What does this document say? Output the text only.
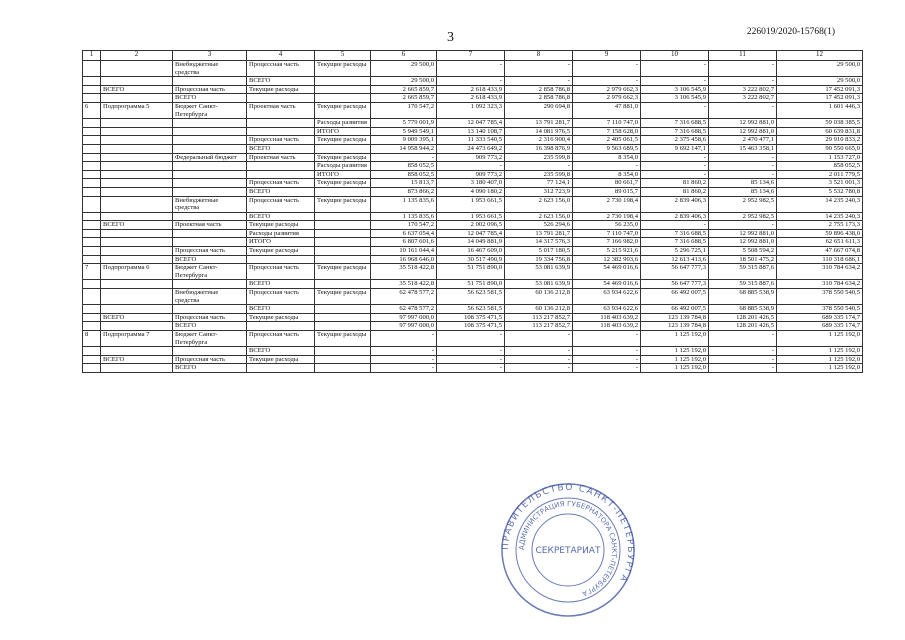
3	226019/2020-15768(1)
1	2	3	4	5	6	7	8	9	10	11	12
		Внебюджетные средства	Процессная часть	Текущие расходы	29 500,0	-	-	-	-	-	29 500,0
			ВСЕГО		29 500,0	-	-	-	-	-	29 500,0
	ВСЕГО	Процессная часть	Текущие расходы		2 665 859,7	2 618 433,9	2 858 786,8	2 979 662,3	3 106 545,9	3 222 802,7	17 452 091,3
		ВСЕГО			2 665 859,7	2 618 433,9	2 858 786,8	2 979 662,3	3 106 545,9	3 222 802,7	17 452 091,3
6	Подпрограмма 5	Бюджет Санкт-Петербурга	Проектная часть	Текущие расходы	170 547,2	1 092 323,3	290 694,8	47 881,0	-	-	1 601 446,3
				Расходы развития	5 779 001,9	12 047 785,4	13 791 281,7	7 110 747,0	7 316 688,5	12 992 881,0	59 038 385,5
				ИТОГО	5 949 549,1	13 140 108,7	14 081 976,5	7 158 628,0	7 316 688,5	12 992 881,0	60 639 831,8
			Процессная часть	Текущие расходы	9 009 395,1	11 333 540,5	2 316 900,4	2 405 061,5	2 375 458,6	2 470 477,1	29 910 833,2
			ВСЕГО		14 958 944,2	24 473 649,2	16 398 876,9	9 563 689,5	9 692 147,1	15 463 358,1	90 550 665,0
		Федеральный бюджет	Проектная часть	Текущие расходы	-	909 773,2	235 599,8	8 354,0	-	-	1 153 727,0
				Расходы развития	858 052,5	-	-	-	-	-	858 052,5
				ИТОГО	858 052,5	909 773,2	235 599,8	8 354,0	-	-	2 011 779,5
			Процессная часть	Текущие расходы	15 813,7	3 180 407,0	77 124,1	80 661,7	81 860,2	85 134,6	3 521 001,3
			ВСЕГО		873 866,2	4 090 180,2	312 723,9	89 015,7	81 860,2	85 134,6	5 532 780,8
		Внебюджетные средства	Процессная часть	Текущие расходы	1 135 835,6	1 953 661,5	2 623 156,0	2 730 198,4	2 839 406,3	2 952 982,5	14 235 240,3
			ВСЕГО		1 135 835,6	1 953 661,5	2 623 156,0	2 730 198,4	2 839 406,3	2 952 982,5	14 235 240,3
	ВСЕГО	Проектная часть	Текущие расходы		170 547,2	2 002 096,5	526 294,6	56 235,0	-	-	2 755 173,3
			Расходы развития		6 637 054,4	12 047 785,4	13 791 281,7	7 110 747,0	7 316 688,5	12 992 881,0	59 896 438,0
			ИТОГО		6 807 601,6	14 049 881,9	14 317 576,3	7 166 982,0	7 316 688,5	12 992 881,0	62 651 611,3
		Процессная часть	Текущие расходы		10 161 044,4	16 467 609,0	5 017 180,5	5 215 921,6	5 296 725,1	5 508 594,2	47 667 074,8
		ВСЕГО			16 968 646,0	30 517 490,9	19 334 756,8	12 382 903,6	12 613 413,6	18 501 475,2	110 318 686,1
7	Подпрограмма 6	Бюджет Санкт-Петербурга	Процессная часть	Текущие расходы	35 518 422,8	51 751 890,0	53 081 639,9	54 469 016,6	56 647 777,3	59 315 887,6	310 784 634,2
			ВСЕГО		35 518 422,8	51 751 890,0	53 081 639,9	54 469 016,6	56 647 777,3	59 315 887,6	310 784 634,2
		Внебюджетные средства	Процессная часть	Текущие расходы	62 478 577,2	56 623 581,5	60 136 212,8	63 934 622,6	66 492 007,5	68 885 538,9	378 550 540,5
			ВСЕГО		62 478 577,2	56 623 581,5	60 136 212,8	63 934 622,6	66 492 007,5	68 885 538,9	378 550 540,5
	ВСЕГО	Процессная часть	Текущие расходы		97 997 000,0	108 375 471,5	113 217 852,7	118 403 639,2	123 139 784,8	128 201 426,5	689 335 174,7
		ВСЕГО			97 997 000,0	108 375 471,5	113 217 852,7	118 403 639,2	123 139 784,8	128 201 426,5	689 335 174,7
8	Подпрограмма 7	Бюджет Санкт-Петербурга	Процессная часть	Текущие расходы	-	-	-	-	1 125 192,0	-	1 125 192,0
			ВСЕГО		-	-	-	-	1 125 192,0	-	1 125 192,0
	ВСЕГО	Процессная часть	Текущие расходы		-	-	-	-	1 125 192,0	-	1 125 192,0
		ВСЕГО			-	-	-	-	1 125 192,0	-	1 125 192,0
ПРАВИТЕЛЬСТВО САНКТ-ПЕТЕРБУРГА
АДМИНИСТРАЦИЯ ГУБЕРНАТОРА САНКТ-ПЕТЕРБУРГА
СЕКРЕТАРИАТ
